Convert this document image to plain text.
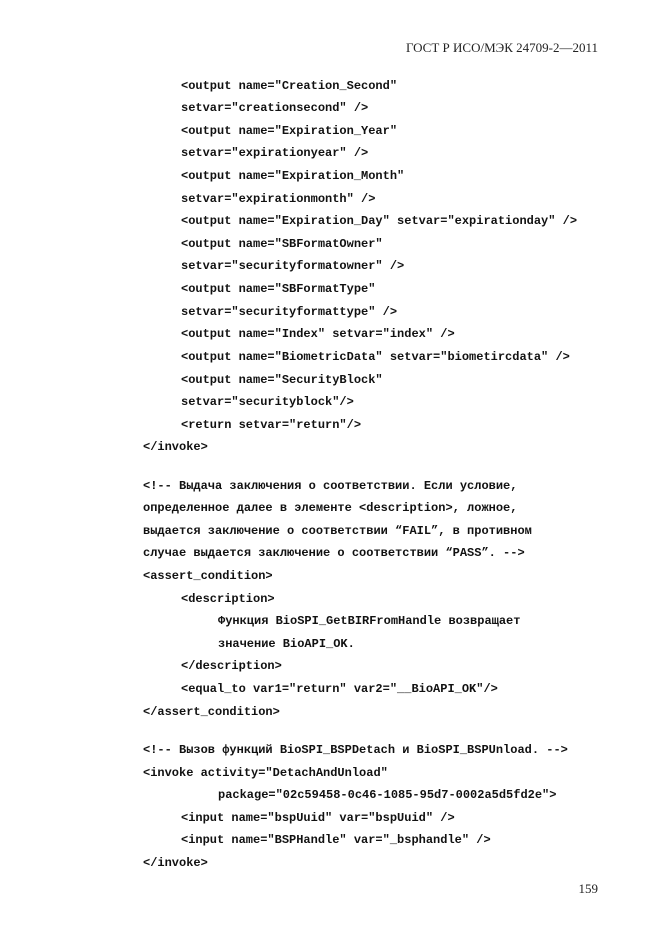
ГОСТ Р ИСО/МЭК 24709-2—2011

<output name="Creation_Second"

setvar="creationsecond" />

<output name="Expiration_Year"

setvar="expirationyear" />

<output name="Expiration_Month"

setvar="expirationmonth" />

<output name="Expiration_Day" setvar="expirationday" />

<output name="SBFormatOwner"

setvar="securityformatowner" />

<output name="SBFormatType"

setvar="securityformattype" />

<output name="Index" setvar="index" />

<output name="BiometricData" setvar="biometircdata" />

<output name="SecurityBlock"

setvar="securityblock"/>

<return setvar="return"/>

</invoke>

<!-- Выдача заключения о соответствии. Если условие,

определенное далее в элементе <description>, ложное,

выдается заключение о соответствии “FAIL”, в противном

случае выдается заключение о соответствии “PASS”. -->

<assert_condition>

<description>

Функция BioSPI_GetBIRFromHandle возвращает

значение BioAPI_OK.

</description>

<equal_to var1="return" var2="__BioAPI_OK"/>

</assert_condition>

<!-- Вызов функций BioSPI_BSPDetach и BioSPI_BSPUnload. -->

<invoke activity="DetachAndUnload"

package="02c59458-0c46-1085-95d7-0002a5d5fd2e">

<input name="bspUuid" var="bspUuid" />

<input name="BSPHandle" var="_bsphandle" />

</invoke>

159
